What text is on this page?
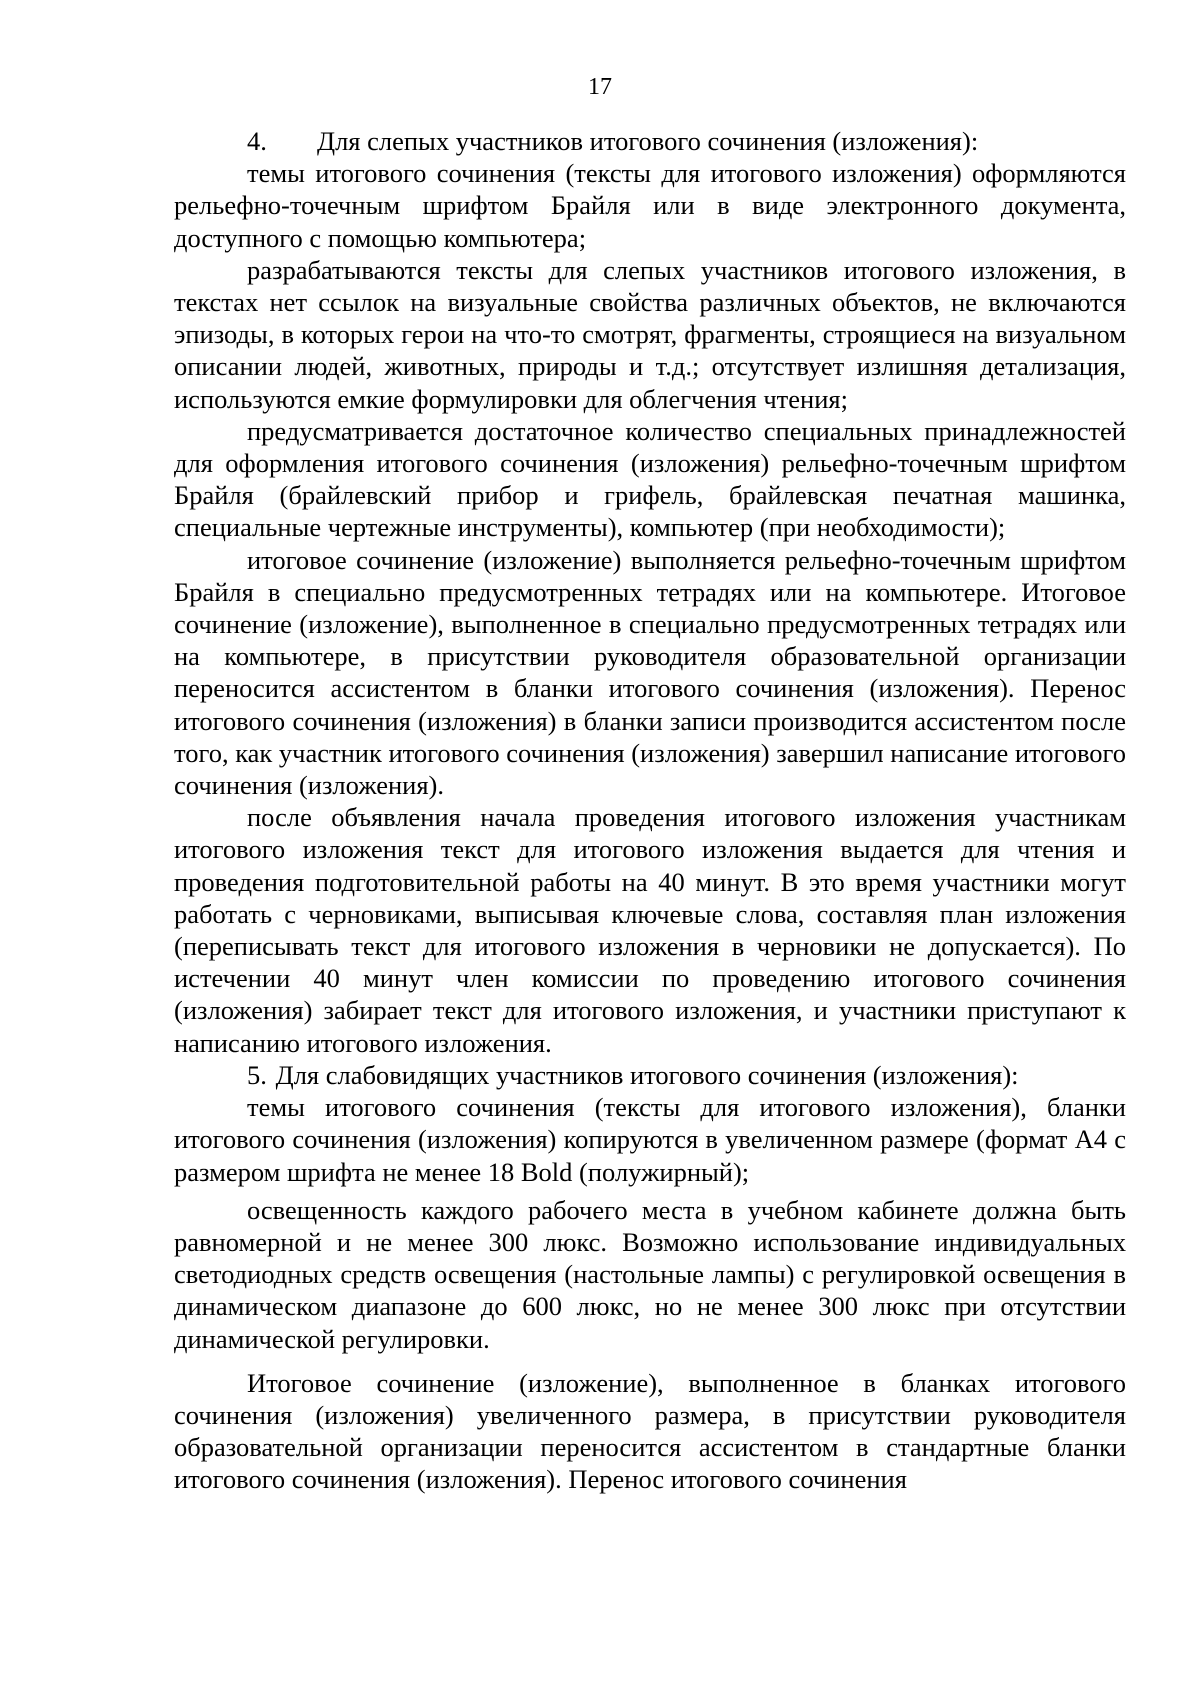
17

4. Для слепых участников итогового сочинения (изложения):

темы итогового сочинения (тексты для итогового изложения) оформляются рельефно-точечным шрифтом Брайля или в виде электронного документа, доступного с помощью компьютера;

разрабатываются тексты для слепых участников итогового изложения, в текстах нет ссылок на визуальные свойства различных объектов, не включаются эпизоды, в которых герои на что-то смотрят, фрагменты, строящиеся на визуальном описании людей, животных, природы и т.д.; отсутствует излишняя детализация, используются емкие формулировки для облегчения чтения;

предусматривается достаточное количество специальных принадлежностей для оформления итогового сочинения (изложения) рельефно-точечным шрифтом Брайля (брайлевский прибор и грифель, брайлевская печатная машинка, специальные чертежные инструменты), компьютер (при необходимости);

итоговое сочинение (изложение) выполняется рельефно-точечным шрифтом Брайля в специально предусмотренных тетрадях или на компьютере. Итоговое сочинение (изложение), выполненное в специально предусмотренных тетрадях или на компьютере, в присутствии руководителя образовательной организации переносится ассистентом в бланки итогового сочинения (изложения). Перенос итогового сочинения (изложения) в бланки записи производится ассистентом после того, как участник итогового сочинения (изложения) завершил написание итогового сочинения (изложения).

после объявления начала проведения итогового изложения участникам итогового изложения текст для итогового изложения выдается для чтения и проведения подготовительной работы на 40 минут. В это время участники могут работать с черновиками, выписывая ключевые слова, составляя план изложения (переписывать текст для итогового изложения в черновики не допускается). По истечении 40 минут член комиссии по проведению итогового сочинения (изложения) забирает текст для итогового изложения, и участники приступают к написанию итогового изложения.

5. Для слабовидящих участников итогового сочинения (изложения):

темы итогового сочинения (тексты для итогового изложения), бланки итогового сочинения (изложения) копируются в увеличенном размере (формат А4 с размером шрифта не менее 18 Bold (полужирный);

освещенность каждого рабочего места в учебном кабинете должна быть равномерной и не менее 300 люкс. Возможно использование индивидуальных светодиодных средств освещения (настольные лампы) с регулировкой освещения в динамическом диапазоне до 600 люкс, но не менее 300 люкс при отсутствии динамической регулировки.

Итоговое сочинение (изложение), выполненное в бланках итогового сочинения (изложения) увеличенного размера, в присутствии руководителя образовательной организации переносится ассистентом в стандартные бланки итогового сочинения (изложения). Перенос итогового сочинения
